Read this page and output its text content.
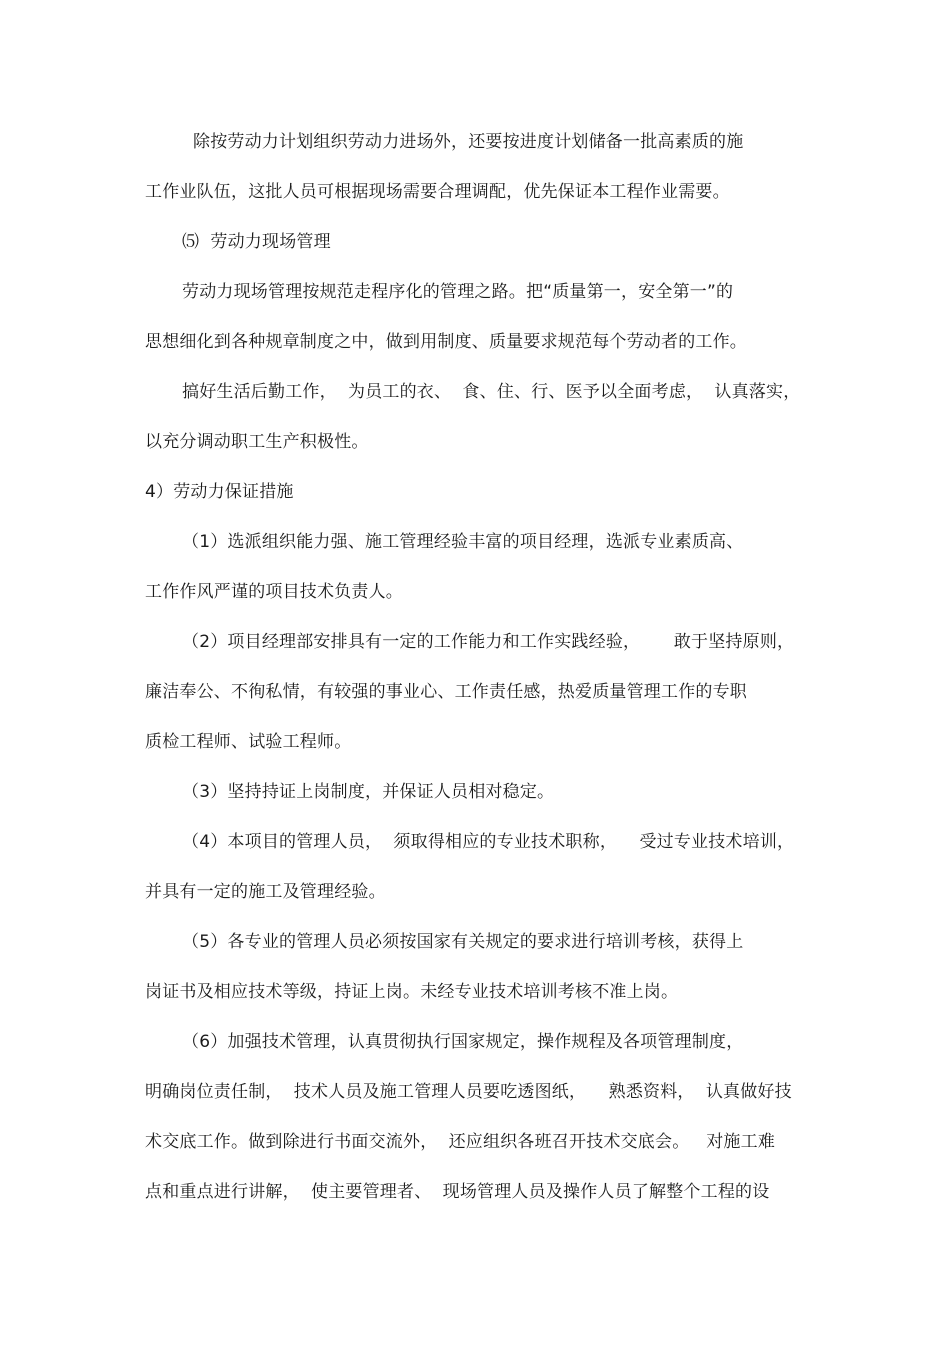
除按劳动力计划组织劳动力进场外，还要按进度计划储备一批高素质的施
工作业队伍，这批人员可根据现场需要合理调配，优先保证本工程作业需要。
⑸  劳动力现场管理
劳动力现场管理按规范走程序化的管理之路。把“质量第一，安全第一”的
思想细化到各种规章制度之中，做到用制度、质量要求规范每个劳动者的工作。
搞好生活后勤工作，  为员工的衣、  食、住、行、医予以全面考虑，  认真落实，
以充分调动职工生产积极性。
4）劳动力保证措施
（1）选派组织能力强、施工管理经验丰富的项目经理，选派专业素质高、
工作作风严谨的项目技术负责人。
（2）项目经理部安排具有一定的工作能力和工作实践经验，      敢于坚持原则，
廉洁奉公、不徇私情，有较强的事业心、工作责任感，热爱质量管理工作的专职
质检工程师、试验工程师。
（3）坚持持证上岗制度，并保证人员相对稳定。
（4）本项目的管理人员，  须取得相应的专业技术职称，    受过专业技术培训，
并具有一定的施工及管理经验。
（5）各专业的管理人员必须按国家有关规定的要求进行培训考核，获得上
岗证书及相应技术等级，持证上岗。未经专业技术培训考核不准上岗。
（6）加强技术管理，认真贯彻执行国家规定，操作规程及各项管理制度，
明确岗位责任制，  技术人员及施工管理人员要吃透图纸，    熟悉资料，  认真做好技
术交底工作。做到除进行书面交流外，  还应组织各班召开技术交底会。   对施工难
点和重点进行讲解，  使主要管理者、  现场管理人员及操作人员了解整个工程的设
